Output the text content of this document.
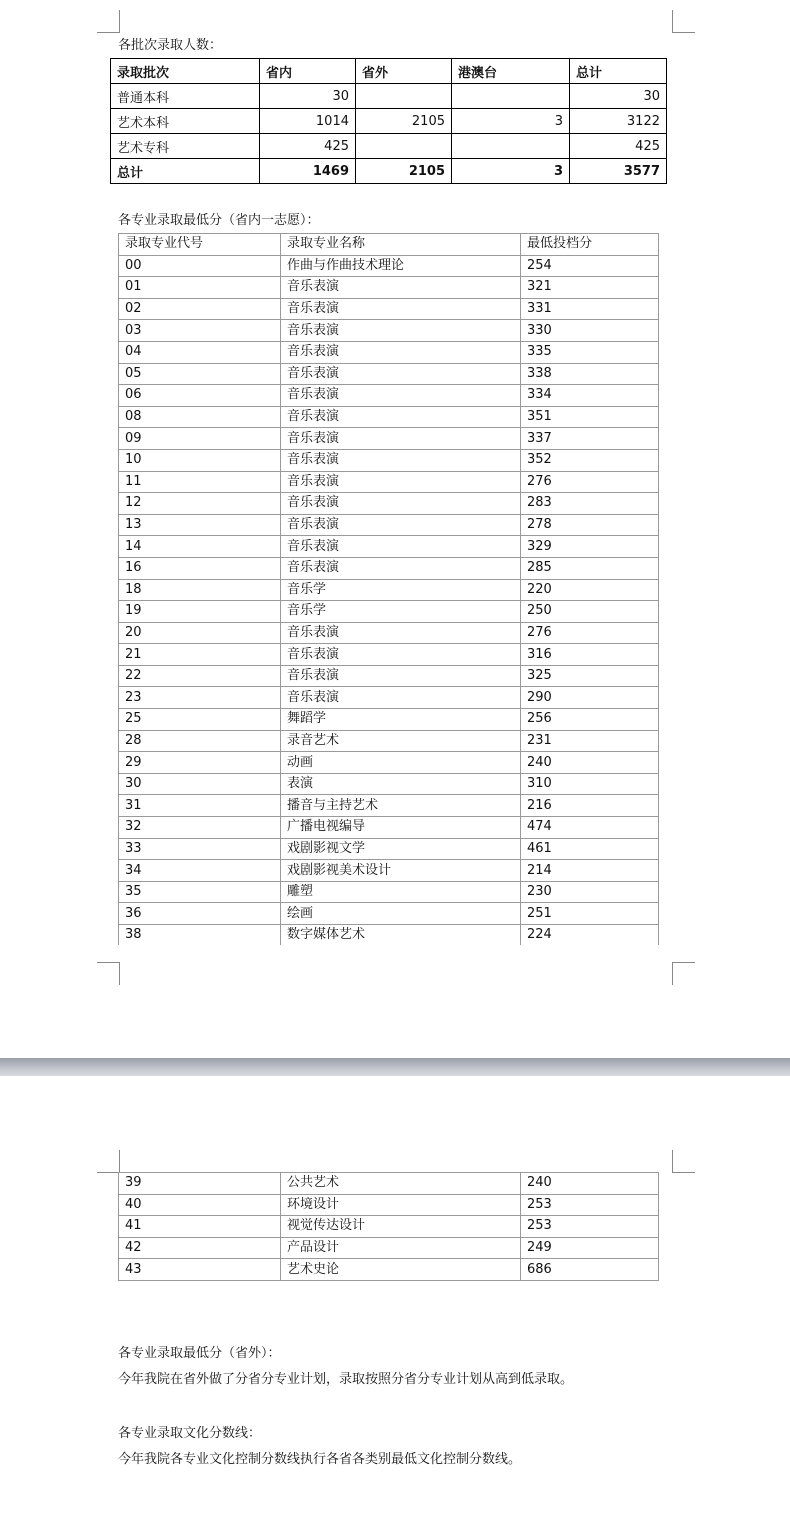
各批次录取人数：
录取批次	省内	省外	港澳台	总计
普通本科	30			30
艺术本科	1014	2105	3	3122
艺术专科	425			425
总计	1469	2105	3	3577
各专业录取最低分（省内一志愿）：
录取专业代号	录取专业名称	最低投档分
00	作曲与作曲技术理论	254
01	音乐表演	321
02	音乐表演	331
03	音乐表演	330
04	音乐表演	335
05	音乐表演	338
06	音乐表演	334
08	音乐表演	351
09	音乐表演	337
10	音乐表演	352
11	音乐表演	276
12	音乐表演	283
13	音乐表演	278
14	音乐表演	329
16	音乐表演	285
18	音乐学	220
19	音乐学	250
20	音乐表演	276
21	音乐表演	316
22	音乐表演	325
23	音乐表演	290
25	舞蹈学	256
28	录音艺术	231
29	动画	240
30	表演	310
31	播音与主持艺术	216
32	广播电视编导	474
33	戏剧影视文学	461
34	戏剧影视美术设计	214
35	雕塑	230
36	绘画	251
38	数字媒体艺术	224
39	公共艺术	240
40	环境设计	253
41	视觉传达设计	253
42	产品设计	249
43	艺术史论	686
各专业录取最低分（省外）：
今年我院在省外做了分省分专业计划，录取按照分省分专业计划从高到低录取。
各专业录取文化分数线：
今年我院各专业文化控制分数线执行各省各类别最低文化控制分数线。
